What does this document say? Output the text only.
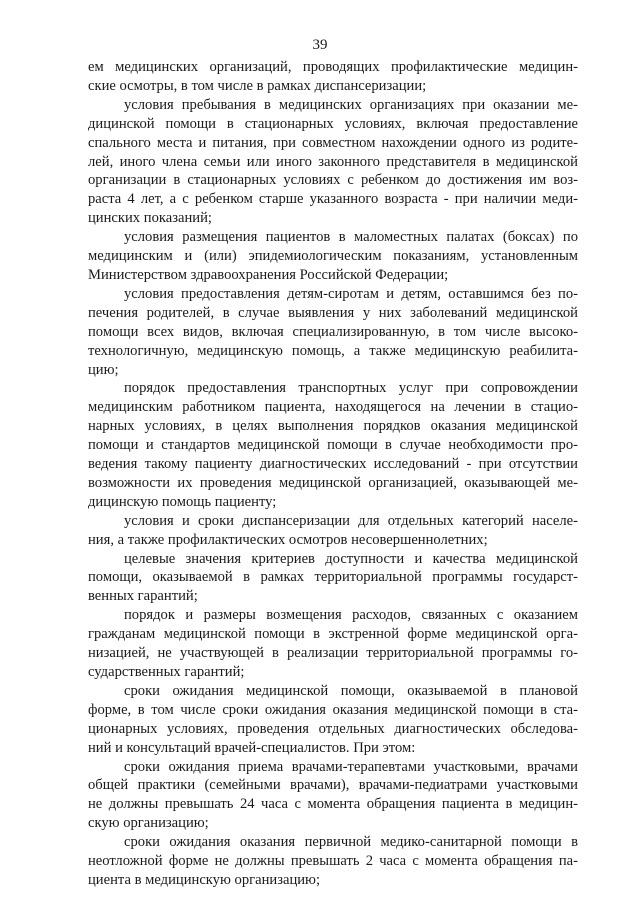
39
ем медицинских организаций, проводящих профилактические медицин-
ские осмотры, в том числе в рамках диспансеризации;
условия пребывания в медицинских организациях при оказании ме-
дицинской помощи в стационарных условиях, включая предоставление
спального места и питания, при совместном нахождении одного из родите-
лей, иного члена семьи или иного законного представителя в медицинской
организации в стационарных условиях с ребенком до достижения им воз-
раста 4 лет, а с ребенком старше указанного возраста - при наличии меди-
цинских показаний;
условия размещения пациентов в маломестных палатах (боксах) по
медицинским и (или) эпидемиологическим показаниям, установленным
Министерством здравоохранения Российской Федерации;
условия предоставления детям-сиротам и детям, оставшимся без по-
печения родителей, в случае выявления у них заболеваний медицинской
помощи всех видов, включая специализированную, в том числе высоко-
технологичную, медицинскую помощь, а также медицинскую реабилита-
цию;
порядок предоставления транспортных услуг при сопровождении
медицинским работником пациента, находящегося на лечении в стацио-
нарных условиях, в целях выполнения порядков оказания медицинской
помощи и стандартов медицинской помощи в случае необходимости про-
ведения такому пациенту диагностических исследований - при отсутствии
возможности их проведения медицинской организацией, оказывающей ме-
дицинскую помощь пациенту;
условия и сроки диспансеризации для отдельных категорий населе-
ния, а также профилактических осмотров несовершеннолетних;
целевые значения критериев доступности и качества медицинской
помощи, оказываемой в рамках территориальной программы государст-
венных гарантий;
порядок и размеры возмещения расходов, связанных с оказанием
гражданам медицинской помощи в экстренной форме медицинской орга-
низацией, не участвующей в реализации территориальной программы го-
сударственных гарантий;
сроки ожидания медицинской помощи, оказываемой в плановой
форме, в том числе сроки ожидания оказания медицинской помощи в ста-
ционарных условиях, проведения отдельных диагностических обследова-
ний и консультаций врачей-специалистов. При этом:
сроки ожидания приема врачами-терапевтами участковыми, врачами
общей практики (семейными врачами), врачами-педиатрами участковыми
не должны превышать 24 часа с момента обращения пациента в медицин-
скую организацию;
сроки ожидания оказания первичной медико-санитарной помощи в
неотложной форме не должны превышать 2 часа с момента обращения па-
циента в медицинскую организацию;
